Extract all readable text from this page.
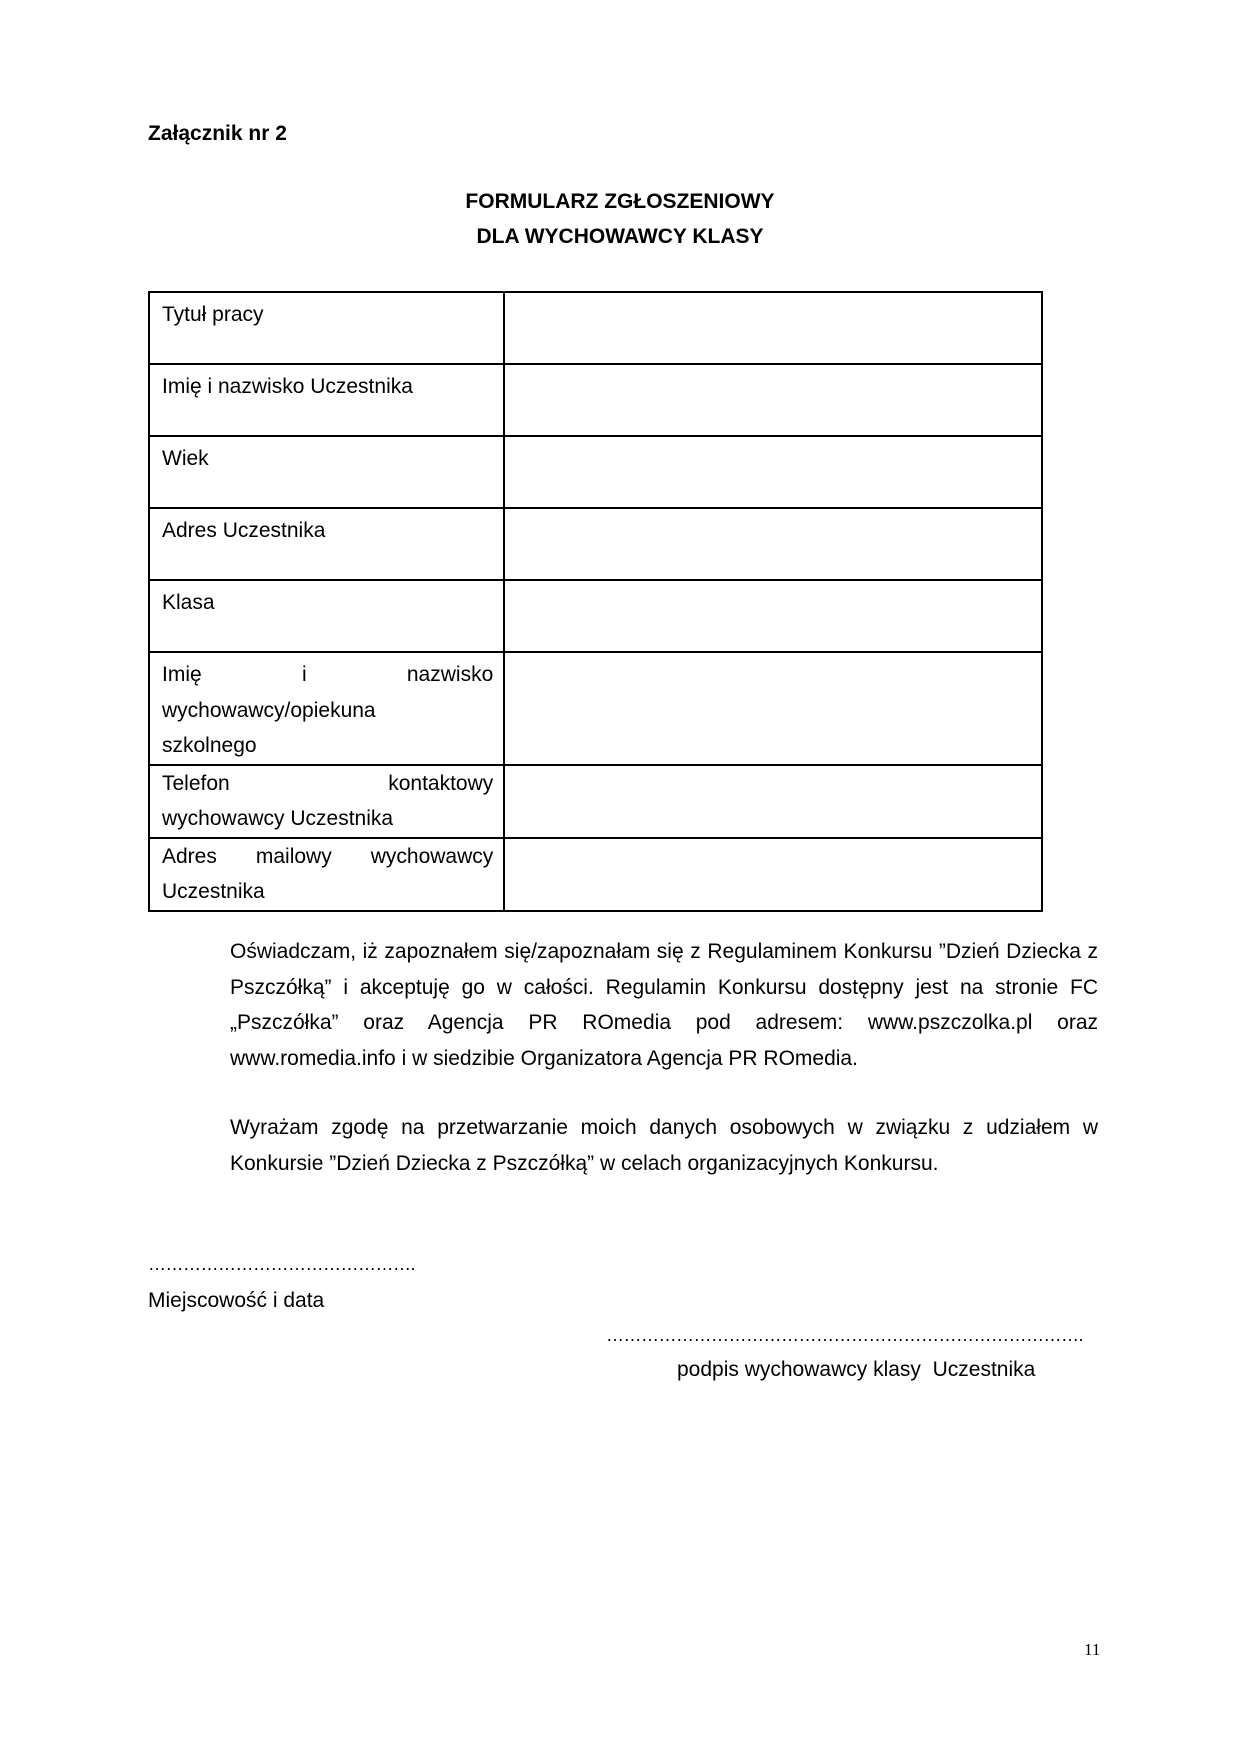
Załącznik nr 2
FORMULARZ ZGŁOSZENIOWY
DLA WYCHOWAWCY KLASY
Tytuł pracy	

Imię i nazwisko Uczestnika	

Wiek	

Adres Uczestnika	

Klasa	

Imię i nazwisko
wychowawcy/opiekuna
szkolnego	

Telefon kontaktowy
wychowawcy Uczestnika	

Adres mailowy wychowawcy
Uczestnika	

Oświadczam, iż zapoznałem się/zapoznałam się z Regulaminem Konkursu ”Dzień Dziecka z Pszczółką” i akceptuję go w całości. Regulamin Konkursu dostępny jest na stronie FC „Pszczółka” oraz Agencja PR ROmedia pod adresem: www.pszczolka.pl oraz www.romedia.info i w siedzibie Organizatora Agencja PR ROmedia.

Wyrażam zgodę na przetwarzanie moich danych osobowych w związku z udziałem w Konkursie ”Dzień Dziecka z Pszczółką” w celach organizacyjnych Konkursu.

……………………………………….
Miejscowość i data
……………………………………………………………………….
podpis wychowawcy klasy  Uczestnika
11
